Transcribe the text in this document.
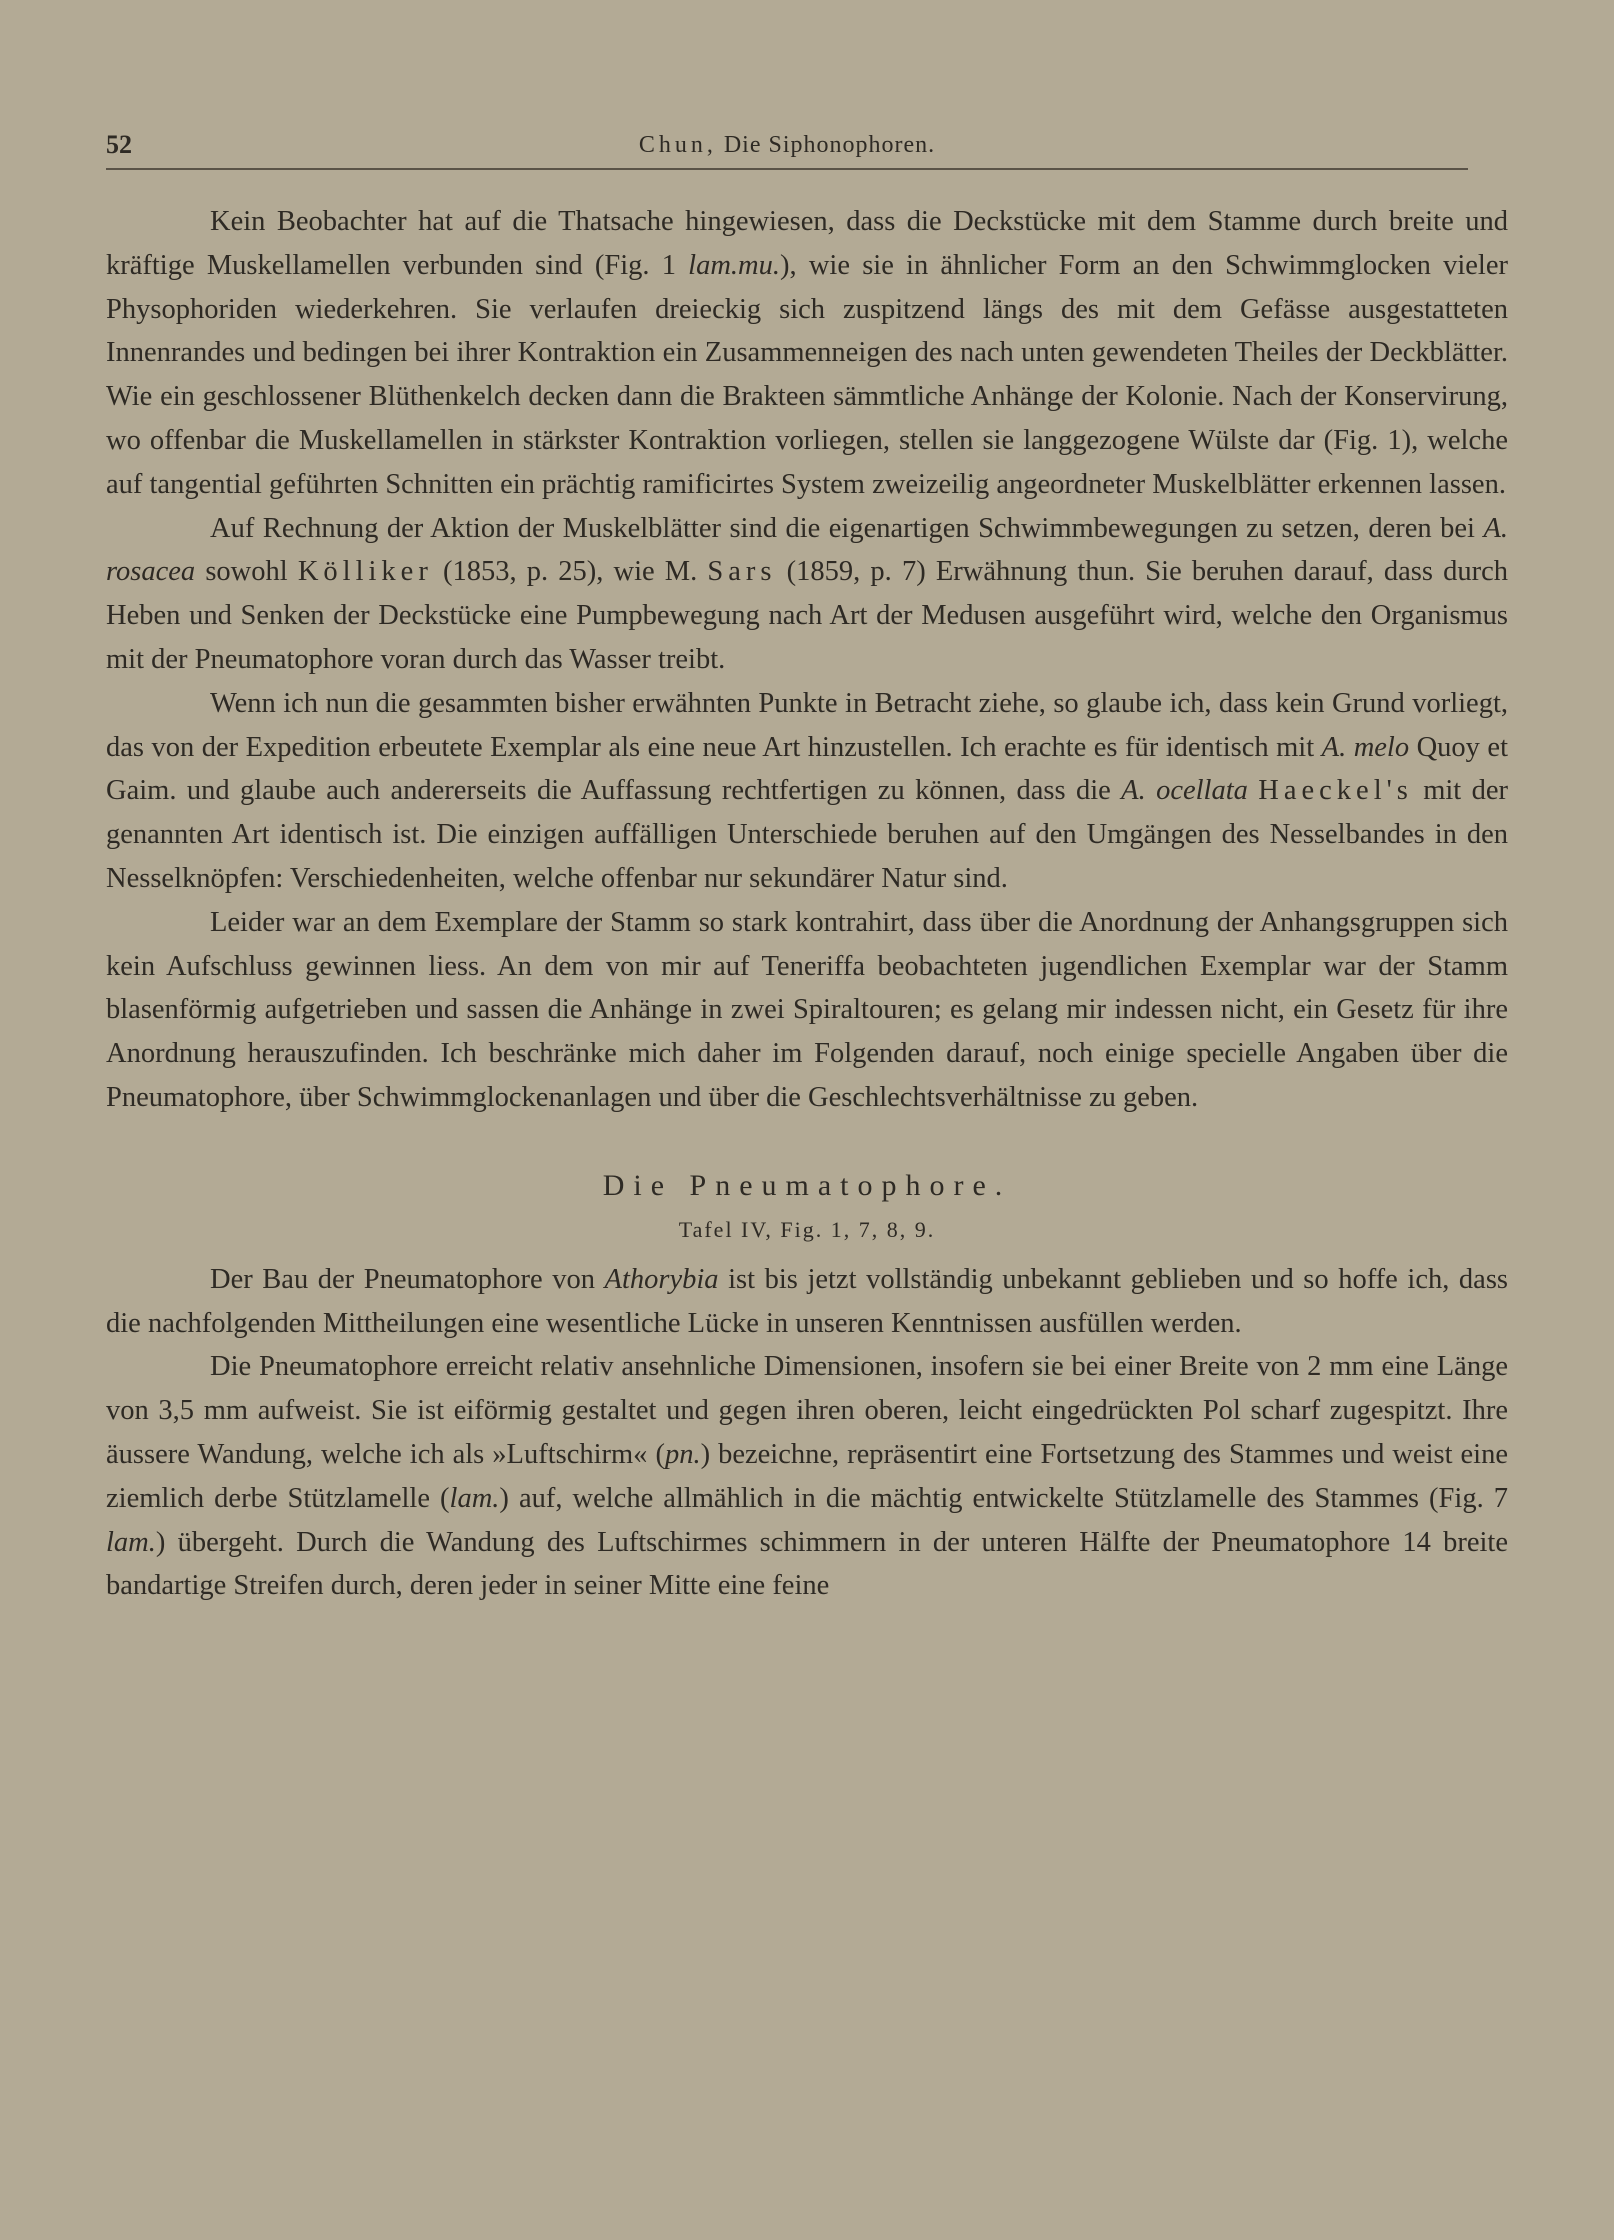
52	Chun, Die Siphonophoren.

Kein Beobachter hat auf die Thatsache hingewiesen, dass die Deckstücke mit dem Stamme durch breite und kräftige Muskellamellen verbunden sind (Fig. 1 lam.mu.), wie sie in ähnlicher Form an den Schwimmglocken vieler Physophoriden wiederkehren. Sie verlaufen dreieckig sich zuspitzend längs des mit dem Gefässe ausgestatteten Innenrandes und bedingen bei ihrer Kontraktion ein Zusammenneigen des nach unten gewendeten Theiles der Deckblätter. Wie ein geschlossener Blüthenkelch decken dann die Brakteen sämmtliche Anhänge der Kolonie. Nach der Konservirung, wo offenbar die Muskellamellen in stärkster Kontraktion vorliegen, stellen sie langgezogene Wülste dar (Fig. 1), welche auf tangential geführten Schnitten ein prächtig ramificirtes System zweizeilig angeordneter Muskelblätter erkennen lassen.

Auf Rechnung der Aktion der Muskelblätter sind die eigenartigen Schwimmbewegungen zu setzen, deren bei A. rosacea sowohl Kölliker (1853, p. 25), wie M. Sars (1859, p. 7) Erwähnung thun. Sie beruhen darauf, dass durch Heben und Senken der Deckstücke eine Pumpbewegung nach Art der Medusen ausgeführt wird, welche den Organismus mit der Pneumatophore voran durch das Wasser treibt.

Wenn ich nun die gesammten bisher erwähnten Punkte in Betracht ziehe, so glaube ich, dass kein Grund vorliegt, das von der Expedition erbeutete Exemplar als eine neue Art hinzustellen. Ich erachte es für identisch mit A. melo Quoy et Gaim. und glaube auch andererseits die Auffassung rechtfertigen zu können, dass die A. ocellata Haeckel's mit der genannten Art identisch ist. Die einzigen auffälligen Unterschiede beruhen auf den Umgängen des Nesselbandes in den Nesselknöpfen: Verschiedenheiten, welche offenbar nur sekundärer Natur sind.

Leider war an dem Exemplare der Stamm so stark kontrahirt, dass über die Anordnung der Anhangsgruppen sich kein Aufschluss gewinnen liess. An dem von mir auf Teneriffa beobachteten jugendlichen Exemplar war der Stamm blasenförmig aufgetrieben und sassen die Anhänge in zwei Spiraltouren; es gelang mir indessen nicht, ein Gesetz für ihre Anordnung herauszufinden. Ich beschränke mich daher im Folgenden darauf, noch einige specielle Angaben über die Pneumatophore, über Schwimmglockenanlagen und über die Geschlechtsverhältnisse zu geben.

Die Pneumatophore.
Tafel IV, Fig. 1, 7, 8, 9.

Der Bau der Pneumatophore von Athorybia ist bis jetzt vollständig unbekannt geblieben und so hoffe ich, dass die nachfolgenden Mittheilungen eine wesentliche Lücke in unseren Kenntnissen ausfüllen werden.

Die Pneumatophore erreicht relativ ansehnliche Dimensionen, insofern sie bei einer Breite von 2 mm eine Länge von 3,5 mm aufweist. Sie ist eiförmig gestaltet und gegen ihren oberen, leicht eingedrückten Pol scharf zugespitzt. Ihre äussere Wandung, welche ich als »Luftschirm« (pn.) bezeichne, repräsentirt eine Fortsetzung des Stammes und weist eine ziemlich derbe Stützlamelle (lam.) auf, welche allmählich in die mächtig entwickelte Stützlamelle des Stammes (Fig. 7 lam.) übergeht. Durch die Wandung des Luftschirmes schimmern in der unteren Hälfte der Pneumatophore 14 breite bandartige Streifen durch, deren jeder in seiner Mitte eine feine
